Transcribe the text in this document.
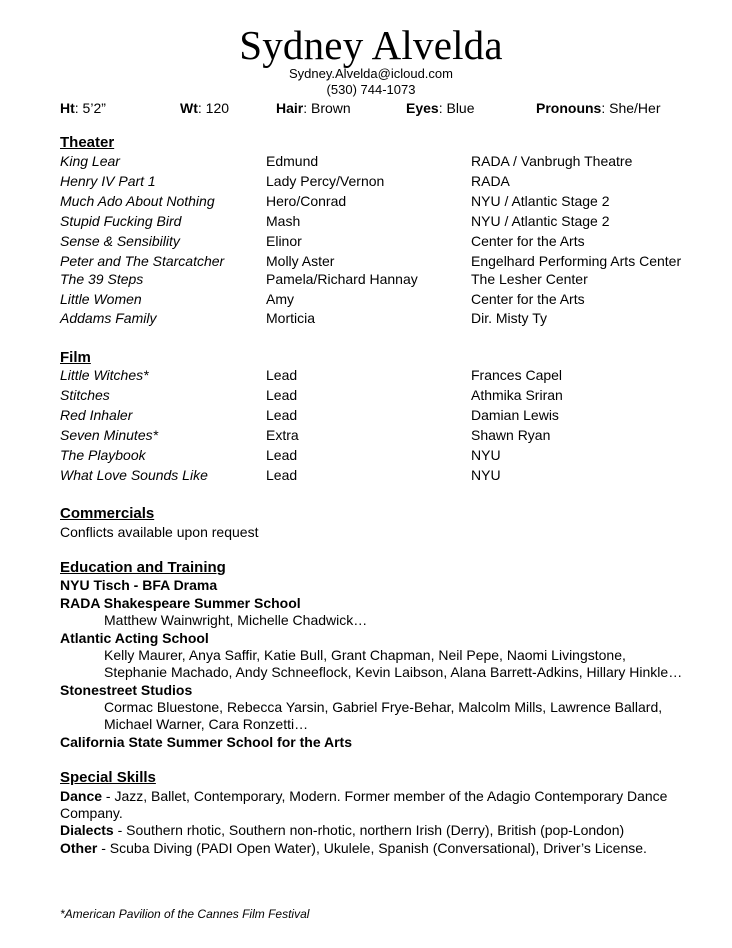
Sydney Alvelda
Sydney.Alvelda@icloud.com
(530) 744-1073
Ht: 5’2”	Wt: 120	Hair: Brown	Eyes: Blue	Pronouns: She/Her
Theater
King Lear	Edmund	RADA / Vanbrugh Theatre
Henry IV Part 1	Lady Percy/Vernon	RADA
Much Ado About Nothing	Hero/Conrad	NYU / Atlantic Stage 2
Stupid Fucking Bird	Mash	NYU / Atlantic Stage 2
Sense & Sensibility	Elinor	Center for the Arts
Peter and The Starcatcher	Molly Aster	Engelhard Performing Arts Center
The 39 Steps	Pamela/Richard Hannay	The Lesher Center
Little Women	Amy	Center for the Arts
Addams Family	Morticia	Dir. Misty Ty
Film
Little Witches*	Lead	Frances Capel
Stitches	Lead	Athmika Sriran
Red Inhaler	Lead	Damian Lewis
Seven Minutes*	Extra	Shawn Ryan
The Playbook	Lead	NYU
What Love Sounds Like	Lead	NYU
Commercials
Conflicts available upon request
Education and Training
NYU Tisch - BFA Drama
RADA Shakespeare Summer School
Matthew Wainwright, Michelle Chadwick…
Atlantic Acting School
Kelly Maurer, Anya Saffir, Katie Bull, Grant Chapman, Neil Pepe, Naomi Livingstone,
Stephanie Machado, Andy Schneeflock, Kevin Laibson, Alana Barrett-Adkins, Hillary Hinkle…
Stonestreet Studios
Cormac Bluestone, Rebecca Yarsin, Gabriel Frye-Behar, Malcolm Mills, Lawrence Ballard,
Michael Warner, Cara Ronzetti…
California State Summer School for the Arts
Special Skills
Dance - Jazz, Ballet, Contemporary, Modern. Former member of the Adagio Contemporary Dance Company.
Dialects - Southern rhotic, Southern non-rhotic, northern Irish (Derry), British (pop-London)
Other - Scuba Diving (PADI Open Water), Ukulele, Spanish (Conversational), Driver’s License.
*American Pavilion of the Cannes Film Festival
